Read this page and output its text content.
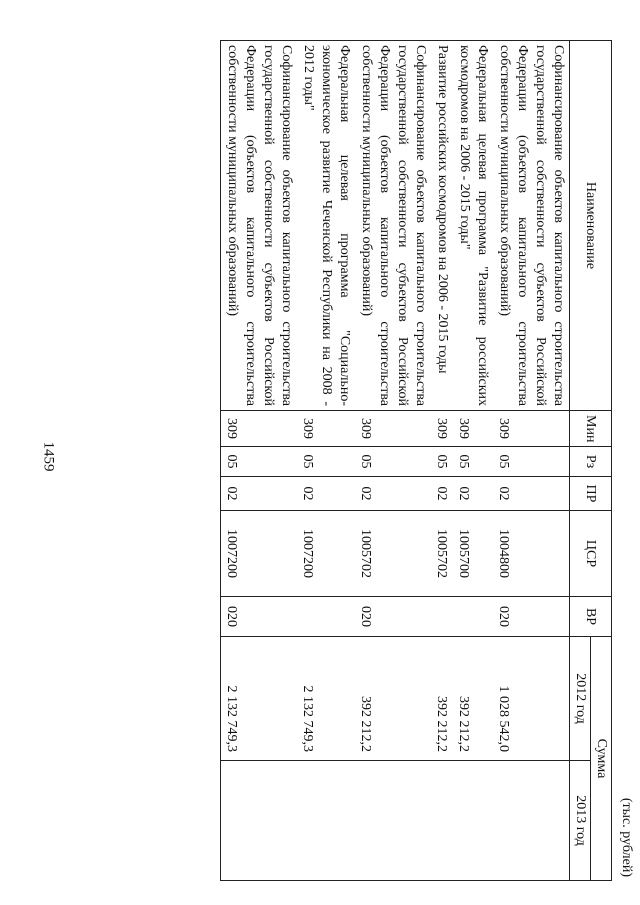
1459
(тыс. рублей)
Наименование	Мин	Рз	ПР	ЦСР	ВР	Сумма	
						2012 год	2013 год
Софинансирование объектов капитального строительства государственной собственности субъектов Российской Федерации (объектов капитального строительства собственности муниципальных образований)	309	05	02	1004800	020	1 028 542,0	
Федеральная целевая программа "Развитие российских космодромов на 2006 - 2015 годы"	309	05	02	1005700		392 212,2	
Развитие российских космодромов на 2006 - 2015 годы	309	05	02	1005702		392 212,2	
Софинансирование объектов капитального строительства государственной собственности субъектов Российской Федерации (объектов капитального строительства собственности муниципальных образований)	309	05	02	1005702	020	392 212,2	
Федеральная целевая программа "Социально-экономическое развитие Чеченской Республики на 2008 - 2012 годы"	309	05	02	1007200		2 132 749,3	
Софинансирование объектов капитального строительства государственной собственности субъектов Российской Федерации (объектов капитального строительства собственности муниципальных образований)	309	05	02	1007200	020	2 132 749,3	
